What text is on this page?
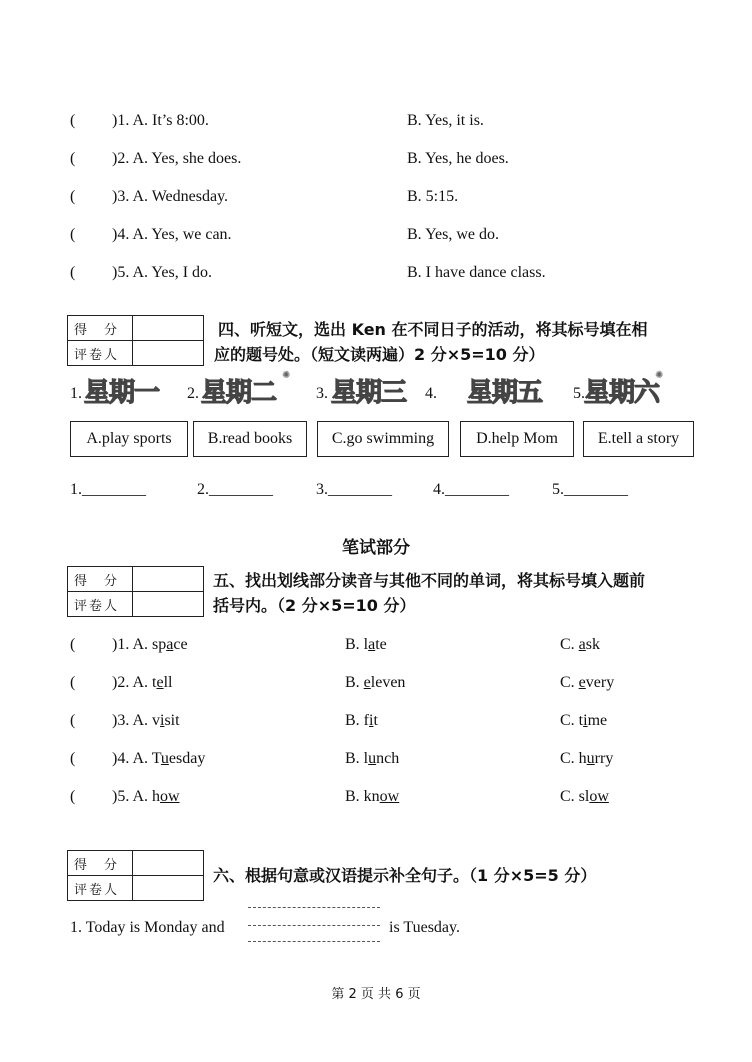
( )1. A. It’s 8:00.	B. Yes, it is.
( )2. A. Yes, she does.	B. Yes, he does.
( )3. A. Wednesday.	B. 5:15.
( )4. A. Yes, we can.	B. Yes, we do.
( )5. A. Yes, I do.	B. I have dance class.
得　分	
评卷人	
四、听短文，选出 Ken 在不同日子的活动，将其标号填在相
应的题号处。（短文读两遍）2 分×5=10 分）
1. 星期一 2. 星期二
✺
3. 星期三 4. 星期五 5. 星期六
✺
A.play sports	B.read books	C.go swimming	D.help Mom	E.tell a story
1.________	2.________	3.________	4.________	5.________
笔试部分
得　分	
评卷人	
五、找出划线部分读音与其他不同的单词，将其标号填入题前
括号内。（2 分×5=10 分）
( )1. A. space	B. late	C. ask
( )2. A. tell	B. eleven	C. every
( )3. A. visit	B. fit	C. time
( )4. A. Tuesday	B. lunch	C. hurry
( )5. A. how	B. know	C. slow
得　分	
评卷人	
六、根据句意或汉语提示补全句子。（1 分×5=5 分）
1. Today is Monday and	is Tuesday.
第 2 页 共 6 页
